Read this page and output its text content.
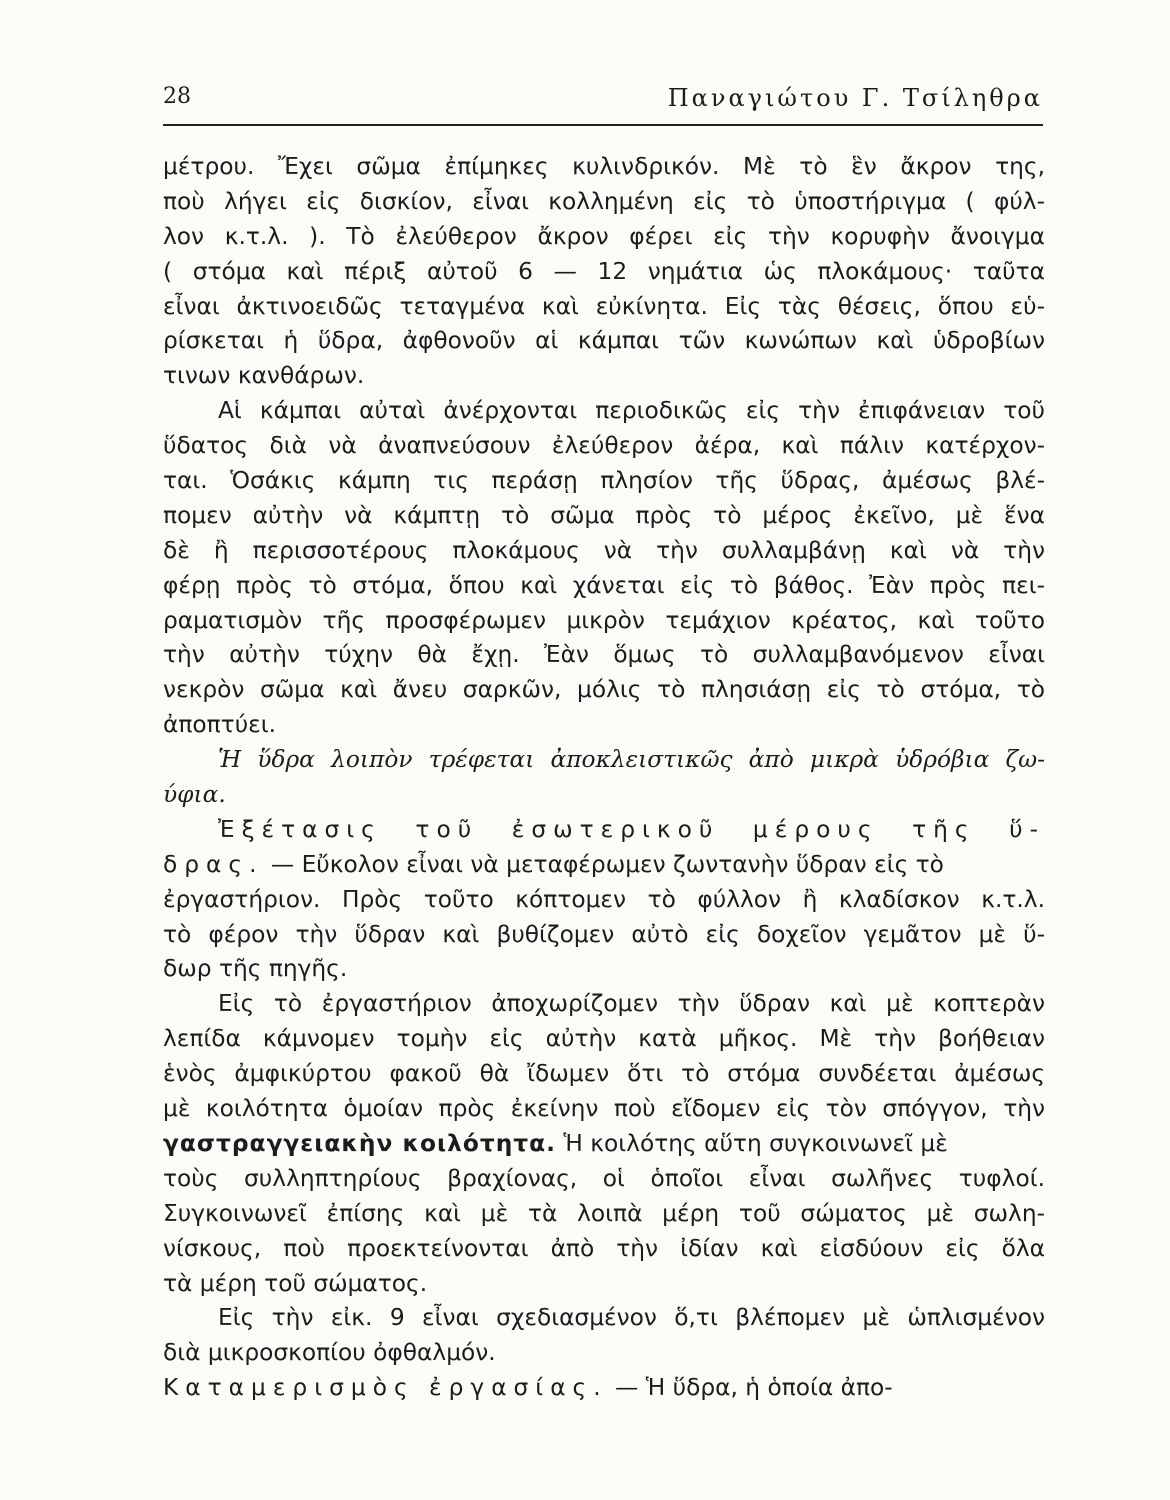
28	Παναγιώτου Γ. Τσίληθρα
μέτρου. Ἔχει σῶμα ἐπίμηκες κυλινδρικόν. Μὲ τὸ ἓν ἄκρον της,
ποὺ λήγει εἰς δισκίον, εἶναι κολλημένη εἰς τὸ ὑποστήριγμα ( φύλ-
λον κ.τ.λ. ). Τὸ ἐλεύθερον ἄκρον φέρει εἰς τὴν κορυφὴν ἄνοιγμα
( στόμα καὶ πέριξ αὐτοῦ 6 — 12 νημάτια ὡς πλοκάμους· ταῦτα
εἶναι ἀκτινοειδῶς τεταγμένα καὶ εὐκίνητα. Εἰς τὰς θέσεις, ὅπου εὑ-
ρίσκεται ἡ ὕδρα, ἀφθονοῦν αἱ κάμπαι τῶν κωνώπων καὶ ὑδροβίων
τινων κανθάρων.
Αἱ κάμπαι αὐταὶ ἀνέρχονται περιοδικῶς εἰς τὴν ἐπιφάνειαν τοῦ
ὕδατος διὰ νὰ ἀναπνεύσουν ἐλεύθερον ἀέρα, καὶ πάλιν κατέρχον-
ται. Ὁσάκις κάμπη τις περάσῃ πλησίον τῆς ὕδρας, ἀμέσως βλέ-
πομεν αὐτὴν νὰ κάμπτῃ τὸ σῶμα πρὸς τὸ μέρος ἐκεῖνο, μὲ ἕνα
δὲ ἢ περισσοτέρους πλοκάμους νὰ τὴν συλλαμβάνῃ καὶ νὰ τὴν
φέρῃ πρὸς τὸ στόμα, ὅπου καὶ χάνεται εἰς τὸ βάθος. Ἐὰν πρὸς πει-
ραματισμὸν τῆς προσφέρωμεν μικρὸν τεμάχιον κρέατος, καὶ τοῦτο
τὴν αὐτὴν τύχην θὰ ἔχῃ. Ἐὰν ὅμως τὸ συλλαμβανόμενον εἶναι
νεκρὸν σῶμα καὶ ἄνευ σαρκῶν, μόλις τὸ πλησιάσῃ εἰς τὸ στόμα, τὸ
ἀποπτύει.
Ἡ ὕδρα λοιπὸν τρέφεται ἀποκλειστικῶς ἀπὸ μικρὰ ὑδρόβια ζω-
ύφια.
Ἐξέτασις τοῦ ἐσωτερικοῦ μέρους τῆς ὕ-
δρας. — Εὔκολον εἶναι νὰ μεταφέρωμεν ζωντανὴν ὕδραν εἰς τὸ
ἐργαστήριον. Πρὸς τοῦτο κόπτομεν τὸ φύλλον ἢ κλαδίσκον κ.τ.λ.
τὸ φέρον τὴν ὕδραν καὶ βυθίζομεν αὐτὸ εἰς δοχεῖον γεμᾶτον μὲ ὕ-
δωρ τῆς πηγῆς.
Εἰς τὸ ἐργαστήριον ἀποχωρίζομεν τὴν ὕδραν καὶ μὲ κοπτερὰν
λεπίδα κάμνομεν τομὴν εἰς αὐτὴν κατὰ μῆκος. Μὲ τὴν βοήθειαν
ἑνὸς ἀμφικύρτου φακοῦ θὰ ἴδωμεν ὅτι τὸ στόμα συνδέεται ἀμέσως
μὲ κοιλότητα ὁμοίαν πρὸς ἐκείνην ποὺ εἴδομεν εἰς τὸν σπόγγον, τὴν
γαστραγγειακὴν κοιλότητα. Ἡ κοιλότης αὕτη συγκοινωνεῖ μὲ
τοὺς συλληπτηρίους βραχίονας, οἱ ὁποῖοι εἶναι σωλῆνες τυφλοί.
Συγκοινωνεῖ ἐπίσης καὶ μὲ τὰ λοιπὰ μέρη τοῦ σώματος μὲ σωλη-
νίσκους, ποὺ προεκτείνονται ἀπὸ τὴν ἰδίαν καὶ εἰσδύουν εἰς ὅλα
τὰ μέρη τοῦ σώματος.
Εἰς τὴν εἰκ. 9 εἶναι σχεδιασμένον ὅ,τι βλέπομεν μὲ ὡπλισμένον
διὰ μικροσκοπίου ὀφθαλμόν.
Καταμερισμὸς ἐργασίας. — Ἡ ὕδρα, ἡ ὁποία ἀπο-
